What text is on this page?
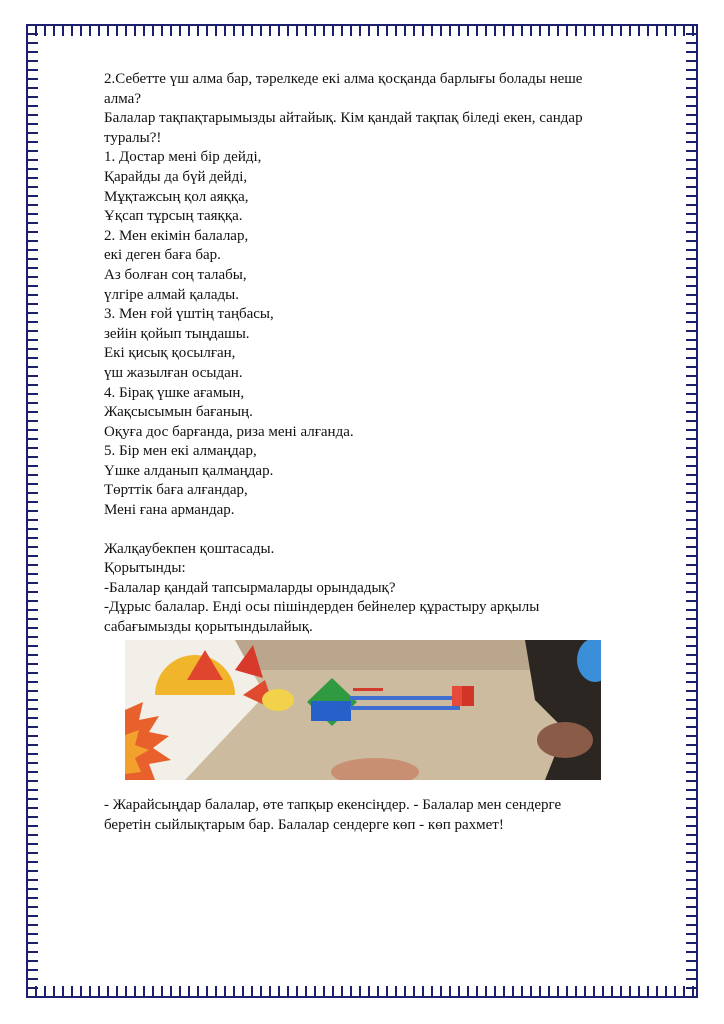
2.Себетте үш алма бар, тәрелкеде екі алма қосқанда барлығы болады неше

алма?

Балалар тақпақтарымызды айтайық. Кім қандай тақпақ біледі екен, сандар

туралы?!

1. Достар мені бір дейді,

Қарайды да бүй дейді,

Мұқтажсың қол аяққа,

Ұқсап тұрсың таяққа.

2. Мен екімін балалар,

екі деген баға бар.

Аз болған соң талабы,

үлгіре алмай қалады.

3. Мен ғой үштің таңбасы,

зейін қойып тыңдашы.

Екі қисық қосылған,

үш жазылған осыдан.

4. Бірақ үшке ағамын,

Жақсысымын бағаның.

Оқуға дос барғанда, риза мені алғанда.

5. Бір мен екі алмаңдар,

Үшке алданып қалмаңдар.

Төрттік баға алғандар,

Мені ғана армандар.

Жалқаубекпен қоштасады.

Қорытынды:

-Балалар қандай тапсырмаларды орындадық?

-Дұрыс балалар. Енді осы пішіндерден бейнелер құрастыру арқылы

сабағымызды қорытындылайық.

- Жарайсыңдар балалар, өте тапқыр екенсіңдер. - Балалар мен сендерге

беретін сыйлықтарым бар. Балалар сендерге көп - көп рахмет!
